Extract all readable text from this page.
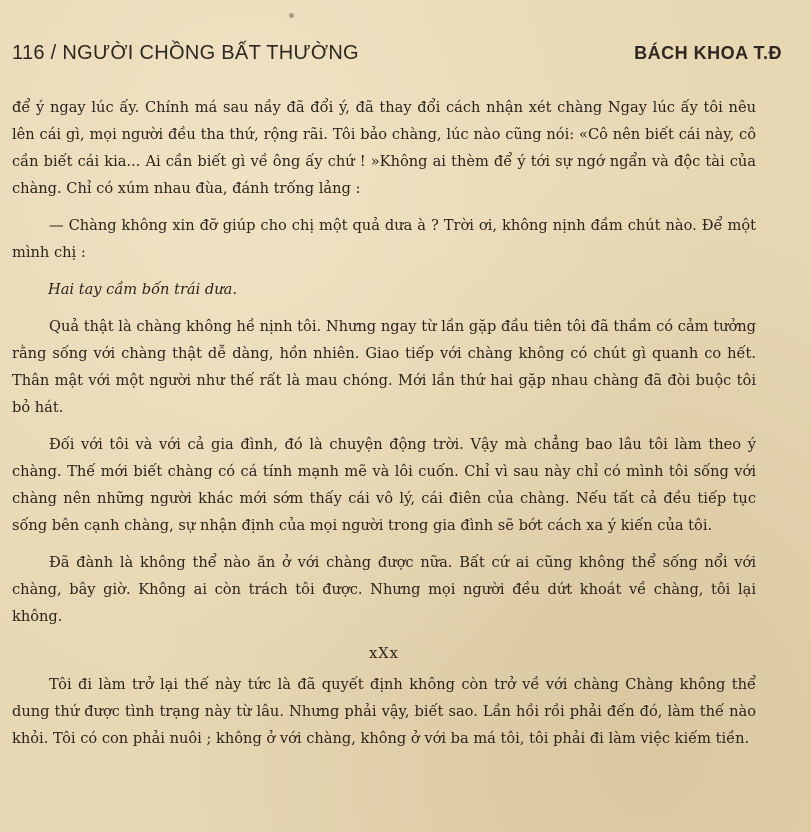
116 / NGƯỜI CHỒNG BẤT THƯỜNG	BÁCH KHOA T.Đ

để ý ngay lúc ấy. Chính má sau nầy đã đổi ý, đã thay đổi cách nhận xét chàng Ngay lúc ấy tôi nêu lên cái gì, mọi người đều tha thứ, rộng rãi. Tôi bảo chàng, lúc nào cũng nói: «Cô nên biết cái này, cô cần biết cái kia... Ai cần biết gì về ông ấy chứ ! »Không ai thèm để ý tới sự ngớ ngẩn và độc tài của chàng. Chỉ có xúm nhau đùa, đánh trống lảng :

— Chàng không xin đỡ giúp cho chị một quả dưa à ? Trời ơi, không nịnh đầm chút nào. Để một mình chị :

Hai tay cầm bốn trái dưa.

Quả thật là chàng không hề nịnh tôi. Nhưng ngay từ lần gặp đầu tiên tôi đã thầm có cảm tưởng rằng sống với chàng thật dễ dàng, hồn nhiên. Giao tiếp với chàng không có chút gì quanh co hết. Thân mật với một người như thế rất là mau chóng. Mới lần thứ hai gặp nhau chàng đã đòi buộc tôi bỏ hát.

Đối với tôi và với cả gia đình, đó là chuyện động trời. Vậy mà chẳng bao lâu tôi làm theo ý chàng. Thế mới biết chàng có cá tính mạnh mẽ và lôi cuốn. Chỉ vì sau này chỉ có mình tôi sống với chàng nên những người khác mới sớm thấy cái vô lý, cái điên của chàng. Nếu tất cả đều tiếp tục sống bên cạnh chàng, sự nhận định của mọi người trong gia đình sẽ bớt cách xa ý kiến của tôi.

Đã đành là không thể nào ăn ở với chàng được nữa. Bất cứ ai cũng không thể sống nổi với chàng, bây giờ. Không ai còn trách tôi được. Nhưng mọi người đều dứt khoát về chàng, tôi lại không.

xXx

Tôi đi làm trở lại thế này tức là đã quyết định không còn trở về với chàng Chàng không thể dung thứ được tình trạng này từ lâu. Nhưng phải vậy, biết sao. Lần hồi rồi phải đến đó, làm thế nào khỏi. Tôi có con phải nuôi ; không ở với chàng, không ở với ba má tôi, tôi phải đi làm việc kiếm tiền.
